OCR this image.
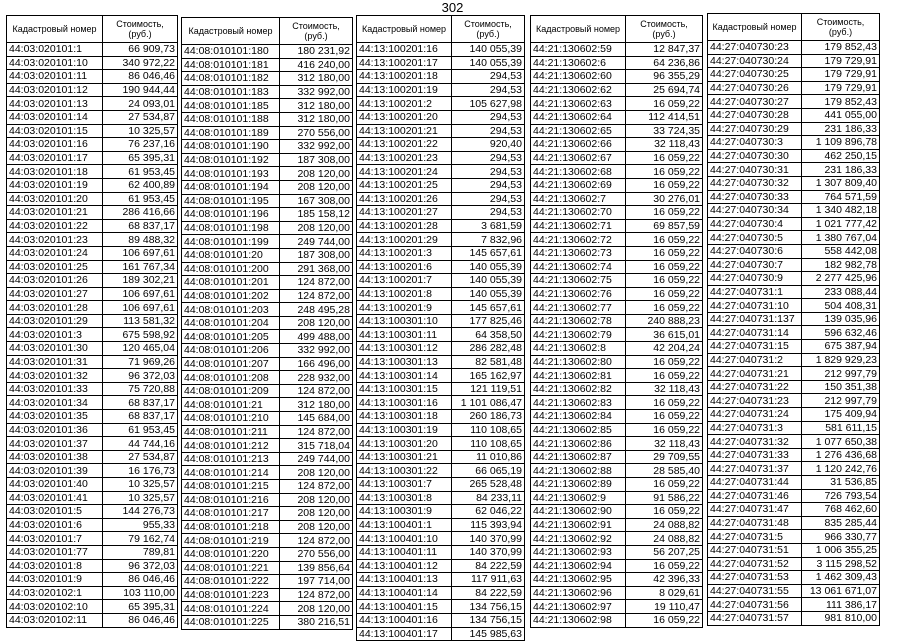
302
Кадастровый номер	Стоимость, (руб.)
44:03:020101:1	66 909,73
44:03:020101:10	340 972,22
44:03:020101:11	86 046,46
44:03:020101:12	190 944,44
44:03:020101:13	24 093,01
44:03:020101:14	27 534,87
44:03:020101:15	10 325,57
44:03:020101:16	76 237,16
44:03:020101:17	65 395,31
44:03:020101:18	61 953,45
44:03:020101:19	62 400,89
44:03:020101:20	61 953,45
44:03:020101:21	286 416,66
44:03:020101:22	68 837,17
44:03:020101:23	89 488,32
44:03:020101:24	106 697,61
44:03:020101:25	161 767,34
44:03:020101:26	189 302,21
44:03:020101:27	106 697,61
44:03:020101:28	106 697,61
44:03:020101:29	113 581,32
44:03:020101:3	675 598,92
44:03:020101:30	120 465,04
44:03:020101:31	71 969,26
44:03:020101:32	96 372,03
44:03:020101:33	75 720,88
44:03:020101:34	68 837,17
44:03:020101:35	68 837,17
44:03:020101:36	61 953,45
44:03:020101:37	44 744,16
44:03:020101:38	27 534,87
44:03:020101:39	16 176,73
44:03:020101:40	10 325,57
44:03:020101:41	10 325,57
44:03:020101:5	144 276,73
44:03:020101:6	955,33
44:03:020101:7	79 162,74
44:03:020101:77	789,81
44:03:020101:8	96 372,03
44:03:020101:9	86 046,46
44:03:020102:1	103 110,00
44:03:020102:10	65 395,31
44:03:020102:11	86 046,46
Кадастровый номер	Стоимость, (руб.)
44:08:010101:180	180 231,92
44:08:010101:181	416 240,00
44:08:010101:182	312 180,00
44:08:010101:183	332 992,00
44:08:010101:185	312 180,00
44:08:010101:188	312 180,00
44:08:010101:189	270 556,00
44:08:010101:190	332 992,00
44:08:010101:192	187 308,00
44:08:010101:193	208 120,00
44:08:010101:194	208 120,00
44:08:010101:195	167 308,00
44:08:010101:196	185 158,12
44:08:010101:198	208 120,00
44:08:010101:199	249 744,00
44:08:010101:20	187 308,00
44:08:010101:200	291 368,00
44:08:010101:201	124 872,00
44:08:010101:202	124 872,00
44:08:010101:203	248 495,28
44:08:010101:204	208 120,00
44:08:010101:205	499 488,00
44:08:010101:206	332 992,00
44:08:010101:207	166 496,00
44:08:010101:208	228 932,00
44:08:010101:209	124 872,00
44:08:010101:21	312 180,00
44:08:010101:210	145 684,00
44:08:010101:211	124 872,00
44:08:010101:212	315 718,04
44:08:010101:213	249 744,00
44:08:010101:214	208 120,00
44:08:010101:215	124 872,00
44:08:010101:216	208 120,00
44:08:010101:217	208 120,00
44:08:010101:218	208 120,00
44:08:010101:219	124 872,00
44:08:010101:220	270 556,00
44:08:010101:221	139 856,64
44:08:010101:222	197 714,00
44:08:010101:223	124 872,00
44:08:010101:224	208 120,00
44:08:010101:225	380 216,51
Кадастровый номер	Стоимость, (руб.)
44:13:100201:16	140 055,39
44:13:100201:17	140 055,39
44:13:100201:18	294,53
44:13:100201:19	294,53
44:13:100201:2	105 627,98
44:13:100201:20	294,53
44:13:100201:21	294,53
44:13:100201:22	920,40
44:13:100201:23	294,53
44:13:100201:24	294,53
44:13:100201:25	294,53
44:13:100201:26	294,53
44:13:100201:27	294,53
44:13:100201:28	3 681,59
44:13:100201:29	7 832,96
44:13:100201:3	145 657,61
44:13:100201:6	140 055,39
44:13:100201:7	140 055,39
44:13:100201:8	140 055,39
44:13:100201:9	145 657,61
44:13:100301:10	177 825,46
44:13:100301:11	64 358,50
44:13:100301:12	286 282,48
44:13:100301:13	82 581,48
44:13:100301:14	165 162,97
44:13:100301:15	121 119,51
44:13:100301:16	1 101 086,47
44:13:100301:18	260 186,73
44:13:100301:19	110 108,65
44:13:100301:20	110 108,65
44:13:100301:21	11 010,86
44:13:100301:22	66 065,19
44:13:100301:7	265 528,48
44:13:100301:8	84 233,11
44:13:100301:9	62 046,22
44:13:100401:1	115 393,94
44:13:100401:10	140 370,99
44:13:100401:11	140 370,99
44:13:100401:12	84 222,59
44:13:100401:13	117 911,63
44:13:100401:14	84 222,59
44:13:100401:15	134 756,15
44:13:100401:16	134 756,15
44:13:100401:17	145 985,63
Кадастровый номер	Стоимость, (руб.)
44:21:130602:59	12 847,37
44:21:130602:6	64 236,86
44:21:130602:60	96 355,29
44:21:130602:62	25 694,74
44:21:130602:63	16 059,22
44:21:130602:64	112 414,51
44:21:130602:65	33 724,35
44:21:130602:66	32 118,43
44:21:130602:67	16 059,22
44:21:130602:68	16 059,22
44:21:130602:69	16 059,22
44:21:130602:7	30 276,01
44:21:130602:70	16 059,22
44:21:130602:71	69 857,59
44:21:130602:72	16 059,22
44:21:130602:73	16 059,22
44:21:130602:74	16 059,22
44:21:130602:75	16 059,22
44:21:130602:76	16 059,22
44:21:130602:77	16 059,22
44:21:130602:78	240 888,23
44:21:130602:79	36 615,01
44:21:130602:8	42 204,24
44:21:130602:80	16 059,22
44:21:130602:81	16 059,22
44:21:130602:82	32 118,43
44:21:130602:83	16 059,22
44:21:130602:84	16 059,22
44:21:130602:85	16 059,22
44:21:130602:86	32 118,43
44:21:130602:87	29 709,55
44:21:130602:88	28 585,40
44:21:130602:89	16 059,22
44:21:130602:9	91 586,22
44:21:130602:90	16 059,22
44:21:130602:91	24 088,82
44:21:130602:92	24 088,82
44:21:130602:93	56 207,25
44:21:130602:94	16 059,22
44:21:130602:95	42 396,33
44:21:130602:96	8 029,61
44:21:130602:97	19 110,47
44:21:130602:98	16 059,22
Кадастровый номер	Стоимость, (руб.)
44:27:040730:23	179 852,43
44:27:040730:24	179 729,91
44:27:040730:25	179 729,91
44:27:040730:26	179 729,91
44:27:040730:27	179 852,43
44:27:040730:28	441 055,00
44:27:040730:29	231 186,33
44:27:040730:3	1 109 896,78
44:27:040730:30	462 250,15
44:27:040730:31	231 186,33
44:27:040730:32	1 307 809,40
44:27:040730:33	764 571,59
44:27:040730:34	1 340 482,18
44:27:040730:4	1 021 777,42
44:27:040730:5	1 380 767,04
44:27:040730:6	558 442,08
44:27:040730:7	182 982,78
44:27:040730:9	2 277 425,96
44:27:040731:1	233 088,44
44:27:040731:10	504 408,31
44:27:040731:137	139 035,96
44:27:040731:14	596 632,46
44:27:040731:15	675 387,94
44:27:040731:2	1 829 929,23
44:27:040731:21	212 997,79
44:27:040731:22	150 351,38
44:27:040731:23	212 997,79
44:27:040731:24	175 409,94
44:27:040731:3	581 611,15
44:27:040731:32	1 077 650,38
44:27:040731:33	1 276 436,68
44:27:040731:37	1 120 242,76
44:27:040731:44	31 536,85
44:27:040731:46	726 793,54
44:27:040731:47	768 462,60
44:27:040731:48	835 285,44
44:27:040731:5	966 330,77
44:27:040731:51	1 006 355,25
44:27:040731:52	3 115 298,52
44:27:040731:53	1 462 309,43
44:27:040731:55	13 061 671,07
44:27:040731:56	111 386,17
44:27:040731:57	981 810,00
